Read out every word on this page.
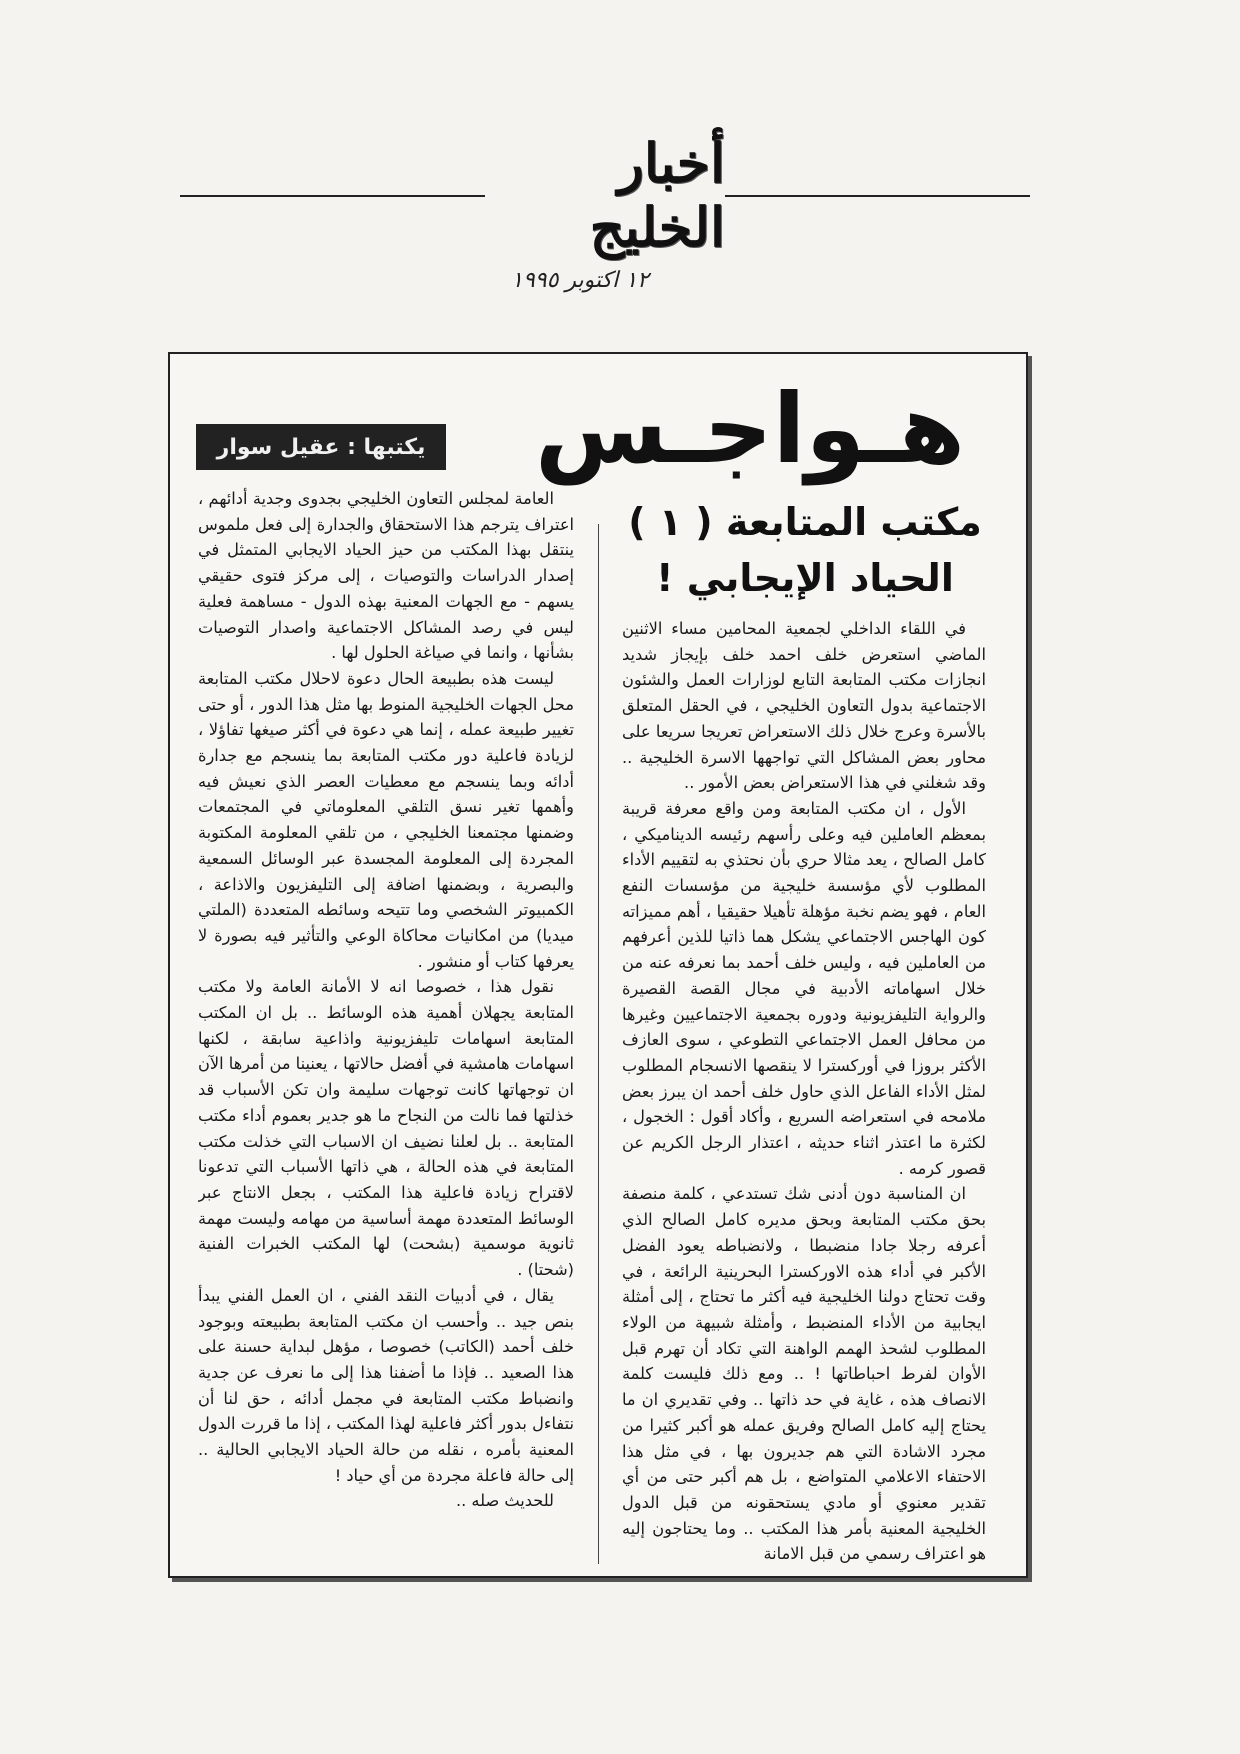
أخبار الخليج
١٢ اكتوبر ١٩٩٥
هـواجـس
يكتبها : عقيل سوار
مكتب المتابعة ( ١ )
الحياد الإيجابي !

في اللقاء الداخلي لجمعية المحامين مساء الاثنين الماضي استعرض خلف احمد خلف بإيجاز شديد انجازات مكتب المتابعة التابع لوزارات العمل والشئون الاجتماعية بدول التعاون الخليجي ، في الحقل المتعلق بالأسرة وعرج خلال ذلك الاستعراض تعريجا سريعا على محاور بعض المشاكل التي تواجهها الاسرة الخليجية .. وقد شغلني في هذا الاستعراض بعض الأمور ..

الأول ، ان مكتب المتابعة ومن واقع معرفة قريبة بمعظم العاملين فيه وعلى رأسهم رئيسه الديناميكي ، كامل الصالح ، يعد مثالا حري بأن نحتذي به لتقييم الأداء المطلوب لأي مؤسسة خليجية من مؤسسات النفع العام ، فهو يضم نخبة مؤهلة تأهيلا حقيقيا ، أهم مميزاته كون الهاجس الاجتماعي يشكل هما ذاتيا للذين أعرفهم من العاملين فيه ، وليس خلف أحمد بما نعرفه عنه من خلال اسهاماته الأدبية في مجال القصة القصيرة والرواية التليفزيونية ودوره بجمعية الاجتماعيين وغيرها من محافل العمل الاجتماعي التطوعي ، سوى العازف الأكثر بروزا في أوركسترا لا ينقصها الانسجام المطلوب لمثل الأداء الفاعل الذي حاول خلف أحمد ان يبرز بعض ملامحه في استعراضه السريع ، وأكاد أقول : الخجول ، لكثرة ما اعتذر اثناء حديثه ، اعتذار الرجل الكريم عن قصور كرمه .

ان المناسبة دون أدنى شك تستدعي ، كلمة منصفة بحق مكتب المتابعة وبحق مديره كامل الصالح الذي أعرفه رجلا جادا منضبطا ، ولانضباطه يعود الفضل الأكبر في أداء هذه الاوركسترا البحرينية الرائعة ، في وقت تحتاج دولنا الخليجية فيه أكثر ما تحتاج ، إلى أمثلة ايجابية من الأداء المنضبط ، وأمثلة شبيهة من الولاء المطلوب لشحذ الهمم الواهنة التي تكاد أن تهرم قبل الأوان لفرط احباطاتها ! .. ومع ذلك فليست كلمة الانصاف هذه ، غاية في حد ذاتها .. وفي تقديري ان ما يحتاج إليه كامل الصالح وفريق عمله هو أكبر كثيرا من مجرد الاشادة التي هم جديرون بها ، في مثل هذا الاحتفاء الاعلامي المتواضع ، بل هم أكبر حتى من أي تقدير معنوي أو مادي يستحقونه من قبل الدول الخليجية المعنية بأمر هذا المكتب .. وما يحتاجون إليه هو اعتراف رسمي من قبل الامانة

العامة لمجلس التعاون الخليجي بجدوى وجدية أدائهم ، اعتراف يترجم هذا الاستحقاق والجدارة إلى فعل ملموس ينتقل بهذا المكتب من حيز الحياد الايجابي المتمثل في إصدار الدراسات والتوصيات ، إلى مركز فتوى حقيقي يسهم - مع الجهات المعنية بهذه الدول - مساهمة فعلية ليس في رصد المشاكل الاجتماعية واصدار التوصيات بشأنها ، وانما في صياغة الحلول لها .

ليست هذه بطبيعة الحال دعوة لاحلال مكتب المتابعة محل الجهات الخليجية المنوط بها مثل هذا الدور ، أو حتى تغيير طبيعة عمله ، إنما هي دعوة في أكثر صيغها تفاؤلا ، لزيادة فاعلية دور مكتب المتابعة بما ينسجم مع جدارة أدائه وبما ينسجم مع معطيات العصر الذي نعيش فيه وأهمها تغير نسق التلقي المعلوماتي في المجتمعات وضمنها مجتمعنا الخليجي ، من تلقي المعلومة المكتوبة المجردة إلى المعلومة المجسدة عبر الوسائل السمعية والبصرية ، وبضمنها اضافة إلى التليفزيون والاذاعة ، الكمبيوتر الشخصي وما تتيحه وسائطه المتعددة (الملتي ميديا) من امكانيات محاكاة الوعي والتأثير فيه بصورة لا يعرفها كتاب أو منشور .

نقول هذا ، خصوصا انه لا الأمانة العامة ولا مكتب المتابعة يجهلان أهمية هذه الوسائط .. بل ان المكتب المتابعة اسهامات تليفزيونية واذاعية سابقة ، لكنها اسهامات هامشية في أفضل حالاتها ، يعنينا من أمرها الآن ان توجهاتها كانت توجهات سليمة وان تكن الأسباب قد خذلتها فما نالت من النجاح ما هو جدير بعموم أداء مكتب المتابعة .. بل لعلنا نضيف ان الاسباب التي خذلت مكتب المتابعة في هذه الحالة ، هي ذاتها الأسباب التي تدعونا لاقتراح زيادة فاعلية هذا المكتب ، بجعل الانتاج عبر الوسائط المتعددة مهمة أساسية من مهامه وليست مهمة ثانوية موسمية (بشحت) لها المكتب الخبرات الفنية (شحتا) .

يقال ، في أدبيات النقد الفني ، ان العمل الفني يبدأ بنص جيد .. وأحسب ان مكتب المتابعة بطبيعته وبوجود خلف أحمد (الكاتب) خصوصا ، مؤهل لبداية حسنة على هذا الصعيد .. فإذا ما أضفنا هذا إلى ما نعرف عن جدية وانضباط مكتب المتابعة في مجمل أدائه ، حق لنا أن نتفاءل بدور أكثر فاعلية لهذا المكتب ، إذا ما قررت الدول المعنية بأمره ، نقله من حالة الحياد الايجابي الحالية .. إلى حالة فاعلة مجردة من أي حياد !

للحديث صله ..
